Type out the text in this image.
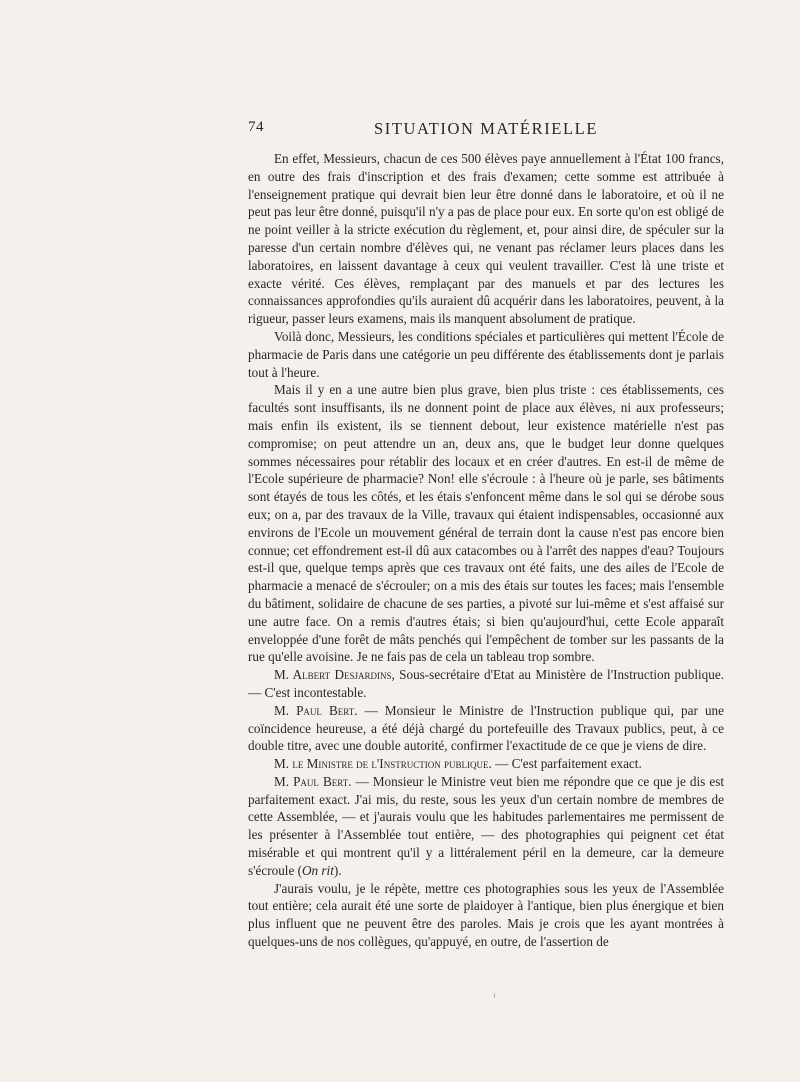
74	SITUATION MATÉRIELLE

En effet, Messieurs, chacun de ces 500 élèves paye annuellement à l'État 100 francs, en outre des frais d'inscription et des frais d'examen; cette somme est attribuée à l'enseignement pratique qui devrait bien leur être donné dans le laboratoire, et où il ne peut pas leur être donné, puisqu'il n'y a pas de place pour eux. En sorte qu'on est obligé de ne point veiller à la stricte exécution du règlement, et, pour ainsi dire, de spéculer sur la paresse d'un certain nombre d'élèves qui, ne venant pas réclamer leurs places dans les laboratoires, en laissent davantage à ceux qui veulent travailler. C'est là une triste et exacte vérité. Ces élèves, remplaçant par des manuels et par des lectures les connaissances approfondies qu'ils auraient dû acquérir dans les laboratoires, peuvent, à la rigueur, passer leurs examens, mais ils manquent absolument de pratique.

Voilà donc, Messieurs, les conditions spéciales et particulières qui mettent l'École de pharmacie de Paris dans une catégorie un peu différente des établissements dont je parlais tout à l'heure.

Mais il y en a une autre bien plus grave, bien plus triste : ces établissements, ces facultés sont insuffisants, ils ne donnent point de place aux élèves, ni aux professeurs; mais enfin ils existent, ils se tiennent debout, leur existence matérielle n'est pas compromise; on peut attendre un an, deux ans, que le budget leur donne quelques sommes nécessaires pour rétablir des locaux et en créer d'autres. En est-il de même de l'Ecole supérieure de pharmacie? Non! elle s'écroule : à l'heure où je parle, ses bâtiments sont étayés de tous les côtés, et les étais s'enfoncent même dans le sol qui se dérobe sous eux; on a, par des travaux de la Ville, travaux qui étaient indispensables, occasionné aux environs de l'Ecole un mouvement général de terrain dont la cause n'est pas encore bien connue; cet effondrement est-il dû aux catacombes ou à l'arrêt des nappes d'eau? Toujours est-il que, quelque temps après que ces travaux ont été faits, une des ailes de l'Ecole de pharmacie a menacé de s'écrouler; on a mis des étais sur toutes les faces; mais l'ensemble du bâtiment, solidaire de chacune de ses parties, a pivoté sur lui-même et s'est affaisé sur une autre face. On a remis d'autres étais; si bien qu'aujourd'hui, cette Ecole apparaît enveloppée d'une forêt de mâts penchés qui l'empêchent de tomber sur les passants de la rue qu'elle avoisine. Je ne fais pas de cela un tableau trop sombre.

M. Albert Desjardins, Sous-secrétaire d'Etat au Ministère de l'Instruction publique. — C'est incontestable.

M. Paul Bert. — Monsieur le Ministre de l'Instruction publique qui, par une coïncidence heureuse, a été déjà chargé du portefeuille des Travaux publics, peut, à ce double titre, avec une double autorité, confirmer l'exactitude de ce que je viens de dire.

M. le Ministre de l'Instruction publique. — C'est parfaitement exact.

M. Paul Bert. — Monsieur le Ministre veut bien me répondre que ce que je dis est parfaitement exact. J'ai mis, du reste, sous les yeux d'un certain nombre de membres de cette Assemblée, — et j'aurais voulu que les habitudes parlementaires me permissent de les présenter à l'Assemblée tout entière, — des photographies qui peignent cet état misérable et qui montrent qu'il y a littéralement péril en la demeure, car la demeure s'écroule (On rit).

J'aurais voulu, je le répète, mettre ces photographies sous les yeux de l'Assemblée tout entière; cela aurait été une sorte de plaidoyer à l'antique, bien plus énergique et bien plus influent que ne peuvent être des paroles. Mais je crois que les ayant montrées à quelques-uns de nos collègues, qu'appuyé, en outre, de l'assertion de
